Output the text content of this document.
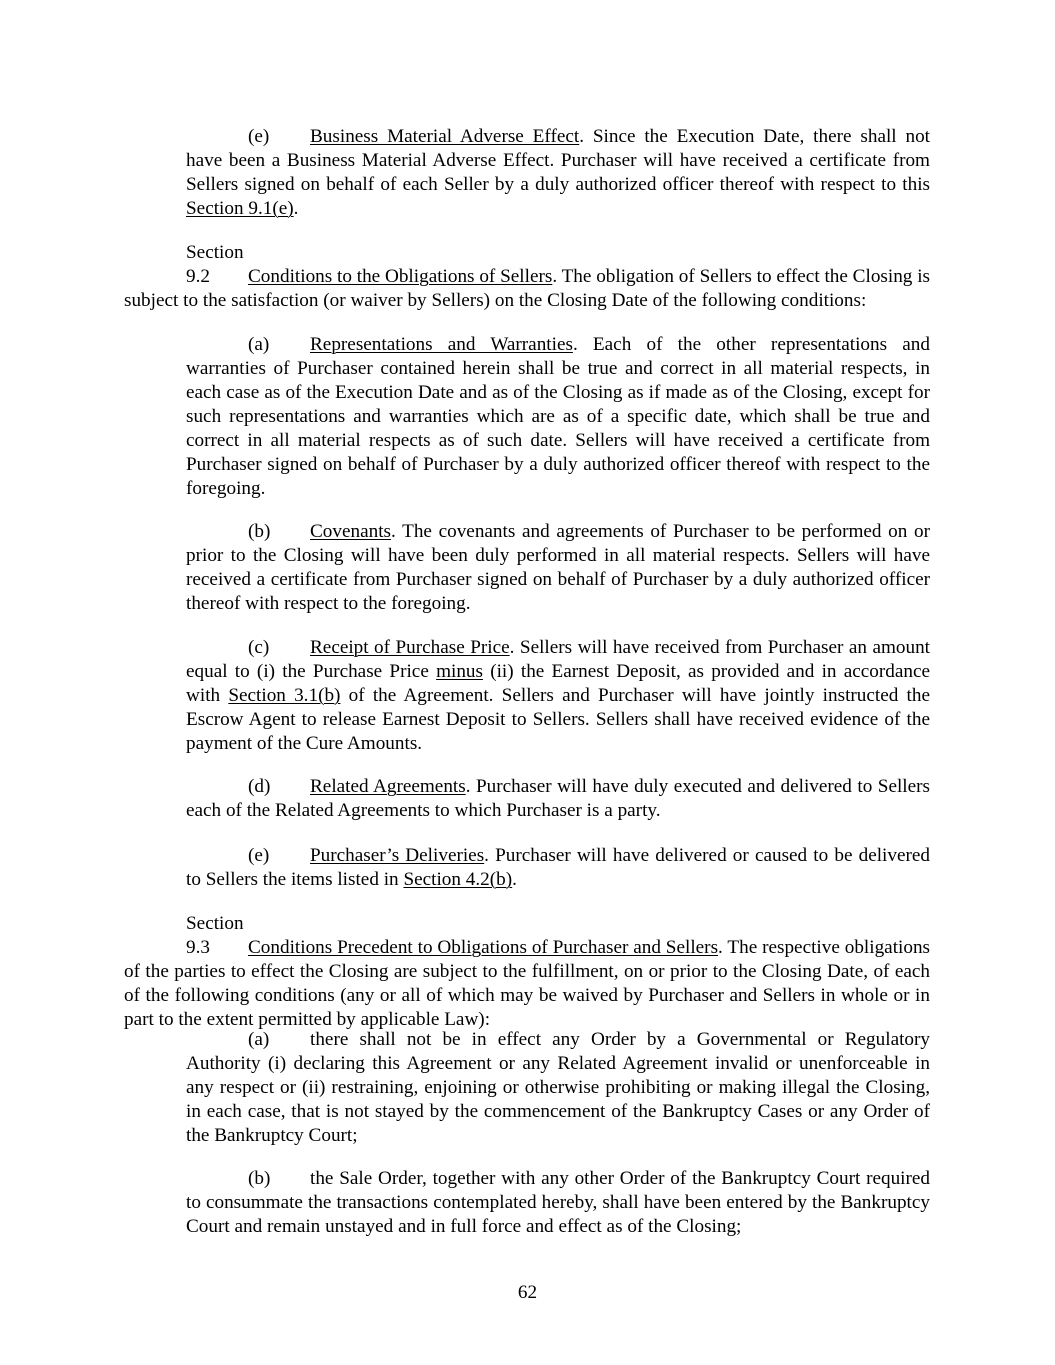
(e) Business Material Adverse Effect. Since the Execution Date, there shall not have been a Business Material Adverse Effect. Purchaser will have received a certificate from Sellers signed on behalf of each Seller by a duly authorized officer thereof with respect to this Section 9.1(e).

Section 9.2 Conditions to the Obligations of Sellers. The obligation of Sellers to effect the Closing is subject to the satisfaction (or waiver by Sellers) on the Closing Date of the following conditions:

(a) Representations and Warranties. Each of the other representations and warranties of Purchaser contained herein shall be true and correct in all material respects, in each case as of the Execution Date and as of the Closing as if made as of the Closing, except for such representations and warranties which are as of a specific date, which shall be true and correct in all material respects as of such date. Sellers will have received a certificate from Purchaser signed on behalf of Purchaser by a duly authorized officer thereof with respect to the foregoing.

(b) Covenants. The covenants and agreements of Purchaser to be performed on or prior to the Closing will have been duly performed in all material respects. Sellers will have received a certificate from Purchaser signed on behalf of Purchaser by a duly authorized officer thereof with respect to the foregoing.

(c) Receipt of Purchase Price. Sellers will have received from Purchaser an amount equal to (i) the Purchase Price minus (ii) the Earnest Deposit, as provided and in accordance with Section 3.1(b) of the Agreement. Sellers and Purchaser will have jointly instructed the Escrow Agent to release Earnest Deposit to Sellers. Sellers shall have received evidence of the payment of the Cure Amounts.

(d) Related Agreements. Purchaser will have duly executed and delivered to Sellers each of the Related Agreements to which Purchaser is a party.

(e) Purchaser’s Deliveries. Purchaser will have delivered or caused to be delivered to Sellers the items listed in Section 4.2(b).

Section 9.3 Conditions Precedent to Obligations of Purchaser and Sellers. The respective obligations of the parties to effect the Closing are subject to the fulfillment, on or prior to the Closing Date, of each of the following conditions (any or all of which may be waived by Purchaser and Sellers in whole or in part to the extent permitted by applicable Law):

(a) there shall not be in effect any Order by a Governmental or Regulatory Authority (i) declaring this Agreement or any Related Agreement invalid or unenforceable in any respect or (ii) restraining, enjoining or otherwise prohibiting or making illegal the Closing, in each case, that is not stayed by the commencement of the Bankruptcy Cases or any Order of the Bankruptcy Court;

(b) the Sale Order, together with any other Order of the Bankruptcy Court required to consummate the transactions contemplated hereby, shall have been entered by the Bankruptcy Court and remain unstayed and in full force and effect as of the Closing;

62
